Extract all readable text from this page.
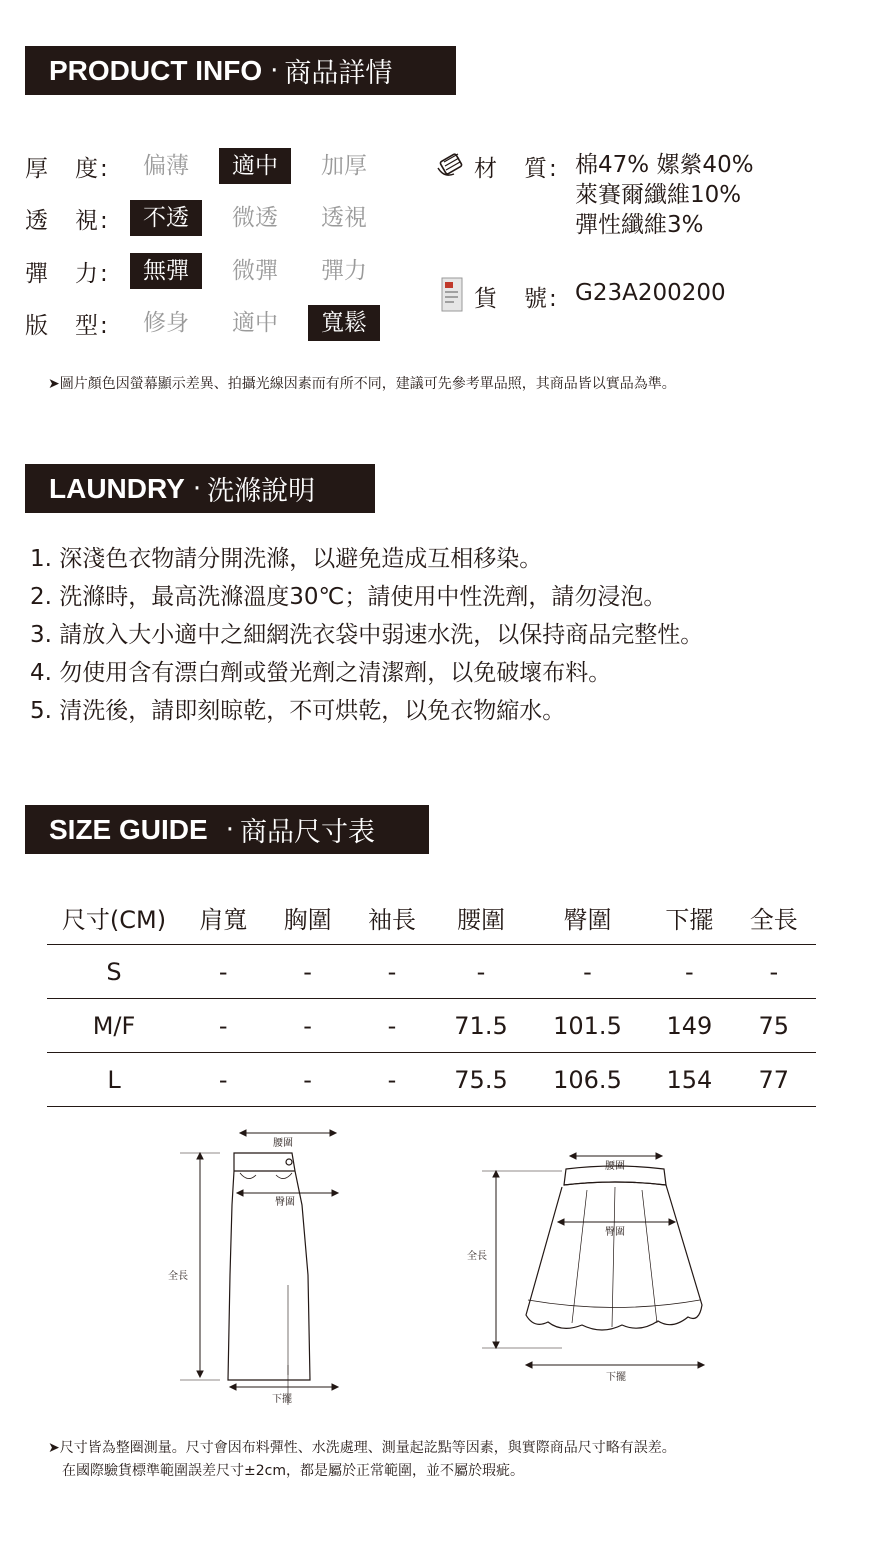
PRODUCT INFO · 商品詳情
厚　度:	偏薄	適中	加厚
透　視:	不透	微透	透視
彈　力:	無彈	微彈	彈力
版　型:	修身	適中	寬鬆
材　質: 棉47% 嫘縈40%
萊賽爾纖維10%
彈性纖維3%
貨　號: G23A200200
➤圖片顏色因螢幕顯示差異、拍攝光線因素而有所不同，建議可先參考單品照，其商品皆以實品為準。
LAUNDRY · 洗滌說明
1. 深淺色衣物請分開洗滌，以避免造成互相移染。
2. 洗滌時，最高洗滌溫度30℃；請使用中性洗劑，請勿浸泡。
3. 請放入大小適中之細網洗衣袋中弱速水洗，以保持商品完整性。
4. 勿使用含有漂白劑或螢光劑之清潔劑，以免破壞布料。
5. 清洗後，請即刻晾乾，不可烘乾，以免衣物縮水。
SIZE GUIDE · 商品尺寸表
尺寸(CM)	肩寬	胸圍	袖長	腰圍	臀圍	下擺	全長
S	-	-	-	-	-	-	-
M/F	-	-	-	71.5	101.5	149	75
L	-	-	-	75.5	106.5	154	77
腰圍
臀圍
全長
下擺
腰圍
臀圍
全長
下擺
➤尺寸皆為整圈測量。尺寸會因布料彈性、水洗處理、測量起訖點等因素，與實際商品尺寸略有誤差。
在國際驗貨標準範圍誤差尺寸±2cm，都是屬於正常範圍，並不屬於瑕疵。
